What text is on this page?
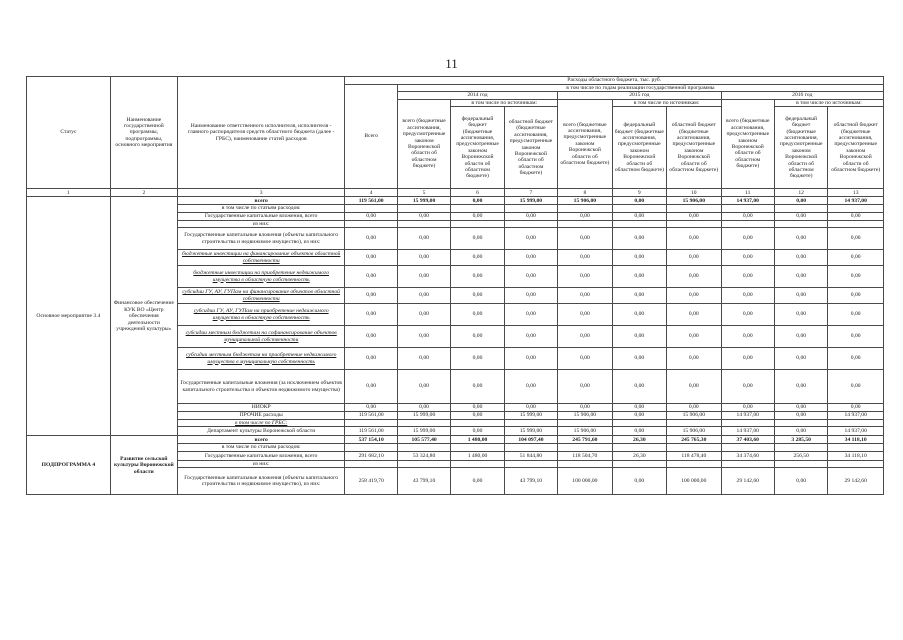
11
Статус	Наименование государственной программы, подпрограммы, основного мероприятия	Наименование ответственного исполнителя, исполнителя - главного распорядителя средств областного бюджета (далее - ГРБС), наименование статей расходов	Расходы областного бюджета, тыс. руб.									
			Всего	в том числе по годам реализации государственной программы								
				2014 год			2015 год			2016 год		
				всего (бюджетные ассигнования, предусмотренные законом Воронежской области об областном бюджете)	в том числе по источникам:		всего (бюджетные ассигнования, предусмотренные законом Воронежской области об областном бюджете)	в том числе по источникам:		всего (бюджетные ассигнования, предусмотренные законом Воронежской области об областном бюджете)	в том числе по источникам:	
					федеральный бюджет (бюджетные ассигнования, предусмотренные законом Воронежской области об областном бюджете)	областной бюджет (бюджетные ассигнования, предусмотренные законом Воронежской области об областном бюджете)		федеральный бюджет (бюджетные ассигнования, предусмотренные законом Воронежской области об областном бюджете)	областной бюджет (бюджетные ассигнования, предусмотренные законом Воронежской области об областном бюджете)		федеральный бюджет (бюджетные ассигнования, предусмотренные законом Воронежской области об областном бюджете)	областной бюджет (бюджетные ассигнования, предусмотренные законом Воронежской области об областном бюджете)
1	2	3	4	5	6	7	8	9	10	11	12	13
Основное мероприятие 3.4	Финансовое обеспечение КУК ВО «Центр обеспечения деятельности учреждений культуры»	всего	119 561,00	15 999,00	0,00	15 999,00	15 906,00	0,00	15 906,00	14 937,00	0,00	14 937,00
		в том числе по статьям расходов:										
		Государственные капитальные вложения, всего	0,00	0,00	0,00	0,00	0,00	0,00	0,00	0,00	0,00	0,00
		из них:										
		Государственные капитальные вложения (объекты капитального строительства и недвижимое имущество), из них:	0,00	0,00	0,00	0,00	0,00	0,00	0,00	0,00	0,00	0,00
		бюджетные инвестиции на финансирование объектов областной собственности	0,00	0,00	0,00	0,00	0,00	0,00	0,00	0,00	0,00	0,00
		бюджетные инвестиции на приобретение недвижимого имущества в областную собственность	0,00	0,00	0,00	0,00	0,00	0,00	0,00	0,00	0,00	0,00
		субсидии ГУ, АУ, ГУПам на финансирование объектов областной собственности	0,00	0,00	0,00	0,00	0,00	0,00	0,00	0,00	0,00	0,00
		субсидии ГУ, АУ, ГУПам на приобретение недвижимого имущества в областную собственность	0,00	0,00	0,00	0,00	0,00	0,00	0,00	0,00	0,00	0,00
		субсидии местным бюджетам на софинансирование объектов муниципальной собственности	0,00	0,00	0,00	0,00	0,00	0,00	0,00	0,00	0,00	0,00
		субсидии местным бюджетам на приобретение недвижимого имущества в муниципальную собственность	0,00	0,00	0,00	0,00	0,00	0,00	0,00	0,00	0,00	0,00
		Государственные капитальные вложения (за исключением объектов капитального строительства и объектов недвижимого имущества)	0,00	0,00	0,00	0,00	0,00	0,00	0,00	0,00	0,00	0,00
		НИОКР	0,00	0,00	0,00	0,00	0,00	0,00	0,00	0,00	0,00	0,00
		ПРОЧИЕ расходы	119 561,00	15 999,00	0,00	15 999,00	15 906,00	0,00	15 906,00	14 937,00	0,00	14 937,00
		в том числе по ГРБС:										
		Департамент культуры Воронежской области	119 561,00	15 999,00	0,00	15 999,00	15 906,00	0,00	15 906,00	14 937,00	0,00	14 937,00
ПОДПРОГРАММА 4	Развитие сельской культуры Воронежской области	всего	537 154,10	105 577,40	1 480,00	104 097,40	245 791,60	26,30	245 765,30	37 403,60	3 285,50	34 118,10
		в том числе по статьям расходов:										
		Государственные капитальные вложения, всего	291 682,10	53 324,80	1 480,00	51 844,80	118 504,70	26,30	118 478,40	34 374,60	256,50	34 118,10
		из них:										
		Государственные капитальные вложения (объекты капитального строительства и недвижимое имущество), из них:	258 419,70	43 799,10	0,00	43 799,10	100 000,00	0,00	100 000,00	29 142,60	0,00	29 142,60
